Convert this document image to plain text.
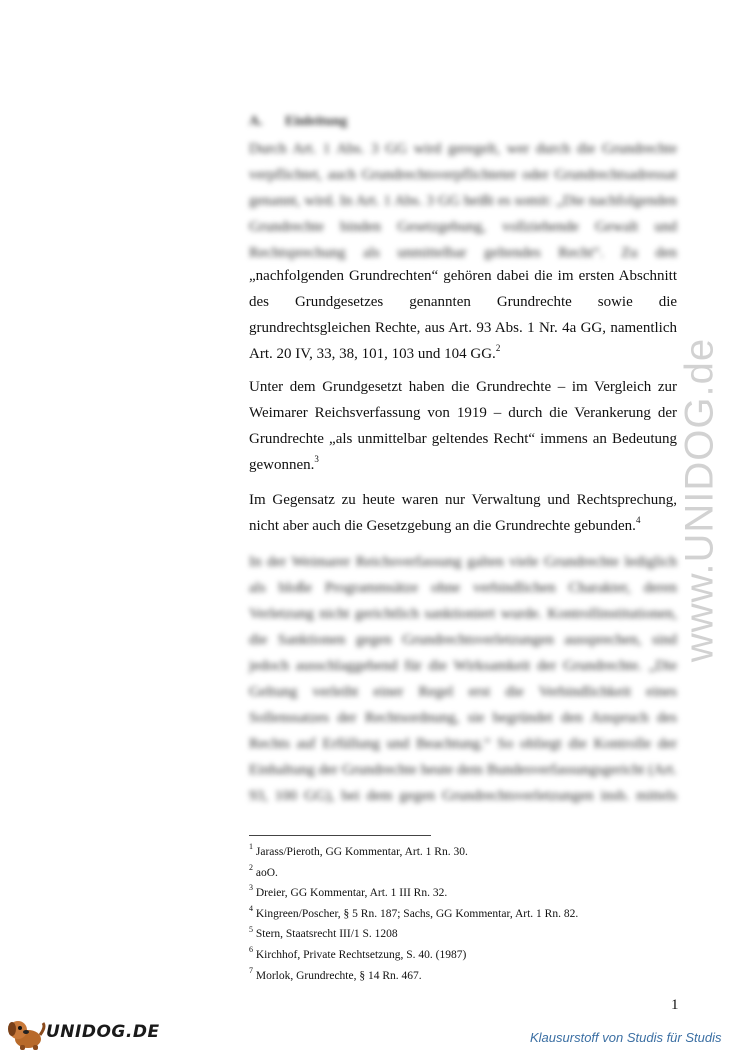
A. Einleitung
Durch Art. 1 Abs. 3 GG wird geregelt, wer durch die Grundrechte
verpflichtet, auch Grundrechtsverpflichteter oder Grundrechtsadressat
genannt, wird. In Art. 1 Abs. 3 GG heißt es somit: „Die nachfolgenden
Grundrechte binden Gesetzgebung, vollziehende Gewalt und
Rechtsprechung als unmittelbar geltendes Recht“. Zu den
„nachfolgenden Grundrechten“ gehören dabei die im ersten Abschnitt
des Grundgesetzes genannten Grundrechte sowie die
grundrechtsgleichen Rechte, aus Art. 93 Abs. 1 Nr. 4a GG, namentlich
Art. 20 IV, 33, 38, 101, 103 und 104 GG.$^2$

Unter dem Grundgesetzt haben die Grundrechte – im Vergleich zur Weimarer Reichsverfassung von 1919 – durch die Verankerung der Grundrechte „als unmittelbar geltendes Recht“ immens an Bedeutung gewonnen.$^3$

Im Gegensatz zu heute waren nur Verwaltung und Rechtsprechung, nicht aber auch die Gesetzgebung an die Grundrechte gebunden.$^4$

In der Weimarer Reichsverfassung galten viele Grundrechte lediglich
als bloße Programmsätze ohne verbindlichen Charakter, deren
Verletzung nicht gerichtlich sanktioniert wurde. Kontrollinstitutionen,
die Sanktionen gegen Grundrechtsverletzungen aussprechen, sind
jedoch ausschlaggebend für die Wirksamkeit der Grundrechte. „Die
Geltung verleiht einer Regel erst die Verbindlichkeit eines
Sollenssatzes der Rechtsordnung, sie begründet den Anspruch des
Rechts auf Erfüllung und Beachtung.“ So obliegt die Kontrolle der
Einhaltung der Grundrechte heute dem Bundesverfassungsgericht (Art.
93, 100 GG), bei dem gegen Grundrechtsverletzungen insb. mittels
$^1$ Jarass/Pieroth, GG Kommentar, Art. 1 Rn. 30.
$^2$ aoO.
$^3$ Dreier, GG Kommentar, Art. 1 III Rn. 32.
$^4$ Kingreen/Poscher, § 5 Rn. 187; Sachs, GG Kommentar, Art. 1 Rn. 82.
$^5$ Stern, Staatsrecht III/1 S. 1208
$^6$ Kirchhof, Private Rechtsetzung, S. 40. (1987)
$^7$ Morlok, Grundrechte, § 14 Rn. 467.
1
www.UNIDOG.de
UNIDOG.DE	Klausurstoff von Studis für Studis
